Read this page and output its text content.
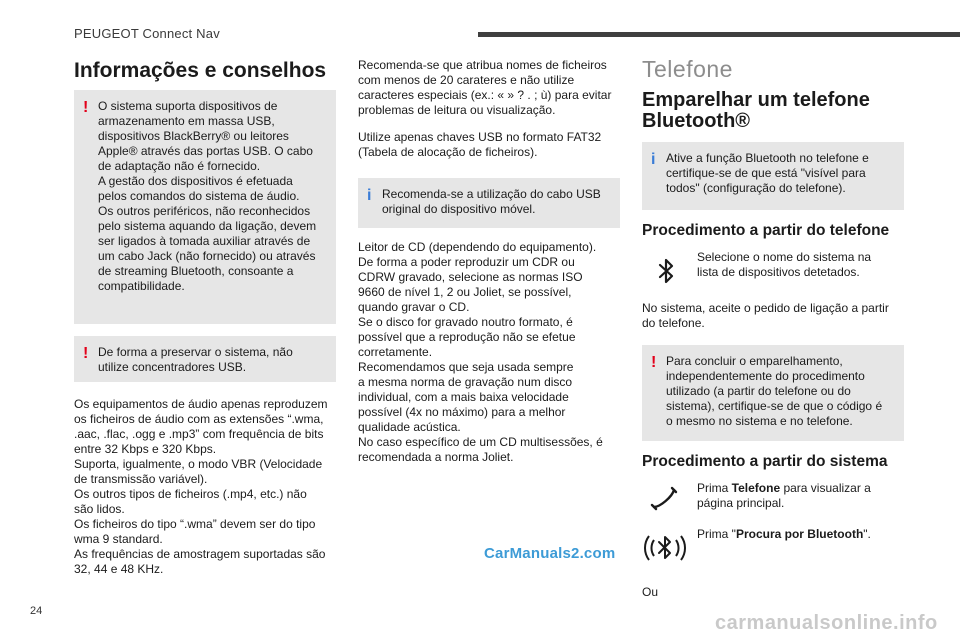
PEUGEOT Connect Nav
Informações e conselhos
! O sistema suporta dispositivos de
armazenamento em massa USB,
dispositivos BlackBerry® ou leitores
Apple® através das portas USB. O cabo
de adaptação não é fornecido.
A gestão dos dispositivos é efetuada
pelos comandos do sistema de áudio.
Os outros periféricos, não reconhecidos
pelo sistema aquando da ligação, devem
ser ligados à tomada auxiliar através de
um cabo Jack (não fornecido) ou através
de streaming Bluetooth, consoante a
compatibilidade.
! De forma a preservar o sistema, não
utilize concentradores USB.
Os equipamentos de áudio apenas reproduzem
os ficheiros de áudio com as extensões “.wma,
.aac, .flac, .ogg e .mp3” com frequência de bits
entre 32 Kbps e 320 Kbps.
Suporta, igualmente, o modo VBR (Velocidade
de transmissão variável).
Os outros tipos de ficheiros (.mp4, etc.) não
são lidos.
Os ficheiros do tipo “.wma” devem ser do tipo
wma 9 standard.
As frequências de amostragem suportadas são
32, 44 e 48 KHz.
Recomenda-se que atribua nomes de ficheiros
com menos de 20 carateres e não utilize
caracteres especiais (ex.: « » ? . ; ù) para evitar
problemas de leitura ou visualização.
Utilize apenas chaves USB no formato FAT32
(Tabela de alocação de ficheiros).
i Recomenda-se a utilização do cabo USB
original do dispositivo móvel.
Leitor de CD (dependendo do equipamento).
De forma a poder reproduzir um CDR ou
CDRW gravado, selecione as normas ISO
9660 de nível 1, 2 ou Joliet, se possível,
quando gravar o CD.
Se o disco for gravado noutro formato, é
possível que a reprodução não se efetue
corretamente.
Recomendamos que seja usada sempre
a mesma norma de gravação num disco
individual, com a mais baixa velocidade
possível (4x no máximo) para a melhor
qualidade acústica.
No caso específico de um CD multisessões, é
recomendada a norma Joliet.
Telefone
Emparelhar um telefone
Bluetooth®
i Ative a função Bluetooth no telefone e
certifique-se de que está "visível para
todos" (configuração do telefone).
Procedimento a partir do telefone
Selecione o nome do sistema na
lista de dispositivos detetados.
No sistema, aceite o pedido de ligação a partir
do telefone.
! Para concluir o emparelhamento,
independentemente do procedimento
utilizado (a partir do telefone ou do
sistema), certifique-se de que o código é
o mesmo no sistema e no telefone.
Procedimento a partir do sistema
Prima Telefone para visualizar a
página principal.
Prima "Procura por Bluetooth".
Ou
24
CarManuals2.com
carmanualsonline.info
